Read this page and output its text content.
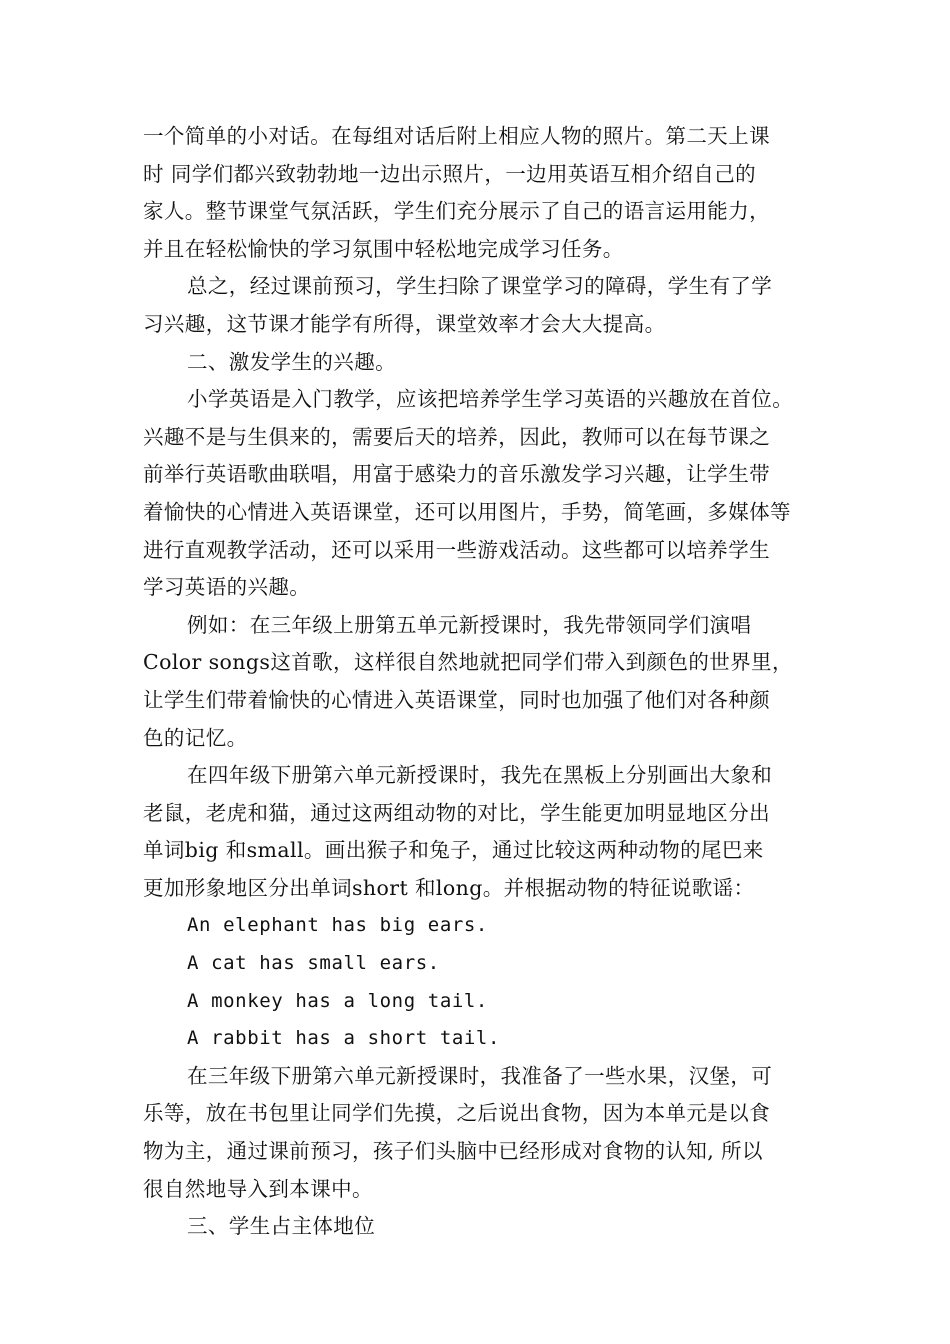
一个简单的小对话。在每组对话后附上相应人物的照片。第二天上课
时 同学们都兴致勃勃地一边出示照片，一边用英语互相介绍自己的
家人。整节课堂气氛活跃，学生们充分展示了自己的语言运用能力，
并且在轻松愉快的学习氛围中轻松地完成学习任务。

总之，经过课前预习，学生扫除了课堂学习的障碍，学生有了学
习兴趣，这节课才能学有所得，课堂效率才会大大提高。

二、激发学生的兴趣。

小学英语是入门教学，应该把培养学生学习英语的兴趣放在首位。
兴趣不是与生俱来的，需要后天的培养，因此，教师可以在每节课之
前举行英语歌曲联唱，用富于感染力的音乐激发学习兴趣，让学生带
着愉快的心情进入英语课堂，还可以用图片，手势，简笔画，多媒体等
进行直观教学活动，还可以采用一些游戏活动。这些都可以培养学生
学习英语的兴趣。

例如：在三年级上册第五单元新授课时，我先带领同学们演唱
Color songs这首歌，这样很自然地就把同学们带入到颜色的世界里，
让学生们带着愉快的心情进入英语课堂，同时也加强了他们对各种颜
色的记忆。

在四年级下册第六单元新授课时，我先在黑板上分别画出大象和
老鼠，老虎和猫，通过这两组动物的对比，学生能更加明显地区分出
单词big 和small。画出猴子和兔子，通过比较这两种动物的尾巴来
更加形象地区分出单词short 和long。并根据动物的特征说歌谣：

An elephant has big ears.
A cat has small ears.
A monkey has a long tail.
A rabbit has a short tail.

在三年级下册第六单元新授课时，我准备了一些水果，汉堡，可
乐等，放在书包里让同学们先摸，之后说出食物，因为本单元是以食
物为主，通过课前预习，孩子们头脑中已经形成对食物的认知, 所以
很自然地导入到本课中。

三、学生占主体地位
